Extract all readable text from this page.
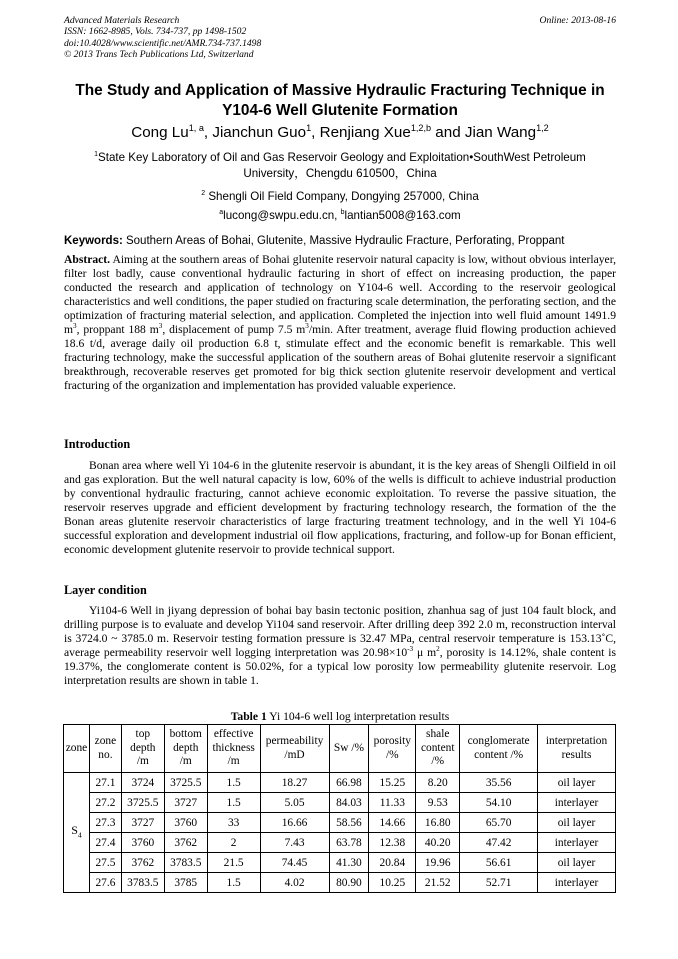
Advanced Materials Research
ISSN: 1662-8985, Vols. 734-737, pp 1498-1502
doi:10.4028/www.scientific.net/AMR.734-737.1498
© 2013 Trans Tech Publications Ltd, Switzerland
Online: 2013-08-16
The Study and Application of Massive Hydraulic Fracturing Technique in Y104-6 Well Glutenite Formation
Cong Lu$^{1, a}$, Jianchun Guo$^1$, Renjiang Xue$^{1,2,b}$ and Jian Wang$^{1,2}$
$^1$State Key Laboratory of Oil and Gas Reservoir Geology and Exploitation•SouthWest Petroleum University，Chengdu 610500，China
$^2$ Shengli Oil Field Company, Dongying 257000, China
$^a$lucong@swpu.edu.cn, $^b$lantian5008@163.com
Keywords: Southern Areas of Bohai, Glutenite, Massive Hydraulic Fracture, Perforating, Proppant
Abstract. Aiming at the southern areas of Bohai glutenite reservoir natural capacity is low, without obvious interlayer, filter lost badly, cause conventional hydraulic facturing in short of effect on increasing production, the paper conducted the research and application of technology on Y104-6 well. According to the reservoir geological characteristics and well conditions, the paper studied on fracturing scale determination, the perforating section, and the optimization of fracturing material selection, and application. Completed the injection into well fluid amount 1491.9 $m^3$, proppant 188 $m^3$, displacement of pump 7.5 $m^3/\min$. After treatment, average fluid flowing production achieved 18.6 t/d, average daily oil production 6.8 t, stimulate effect and the economic benefit is remarkable. This well fracturing technology, make the successful application of the southern areas of Bohai glutenite reservoir a significant breakthrough, recoverable reserves get promoted for big thick section glutenite reservoir development and vertical fracturing of the organization and implementation has provided valuable experience.
Introduction
Bonan area where well Yi 104-6 in the glutenite reservoir is abundant, it is the key areas of Shengli Oilfield in oil and gas exploration. But the well natural capacity is low, 60% of the wells is difficult to achieve industrial production by conventional hydraulic fracturing, cannot achieve economic exploitation. To reverse the passive situation, the reservoir reserves upgrade and efficient development by fracturing technology research, the formation of the the Bonan areas glutenite reservoir characteristics of large fracturing treatment technology, and in the well Yi 104-6 successful exploration and development industrial oil flow applications, fracturing, and follow-up for Bonan efficient, economic development glutenite reservoir to provide technical support.
Layer condition
Yi104-6 Well in jiyang depression of bohai bay basin tectonic position, zhanhua sag of just 104 fault block, and drilling purpose is to evaluate and develop Yi104 sand reservoir. After drilling deep 392 2.0 m, reconstruction interval is 3724.0 ~ 3785.0 m. Reservoir testing formation pressure is 32.47 MPa, central reservoir temperature is 153.13˚C, average permeability reservoir well logging interpretation was $20.98\times 10^{-3}$ μ $m^2$, porosity is 14.12%, shale content is 19.37%, the conglomerate content is 50.02%, for a typical low porosity low permeability glutenite reservoir. Log interpretation results are shown in table 1.
Table 1 Yi 104-6 well log interpretation results
zone	zone no.	top depth /m	bottom depth /m	effective thickness /m	permeability /mD	Sw /%	porosity /%	shale content /%	conglomerate content /%	interpretation results
$S_4$	27.1	3724	3725.5	1.5	18.27	66.98	15.25	8.20	35.56	oil layer
	27.2	3725.5	3727	1.5	5.05	84.03	11.33	9.53	54.10	interlayer
	27.3	3727	3760	33	16.66	58.56	14.66	16.80	65.70	oil layer
	27.4	3760	3762	2	7.43	63.78	12.38	40.20	47.42	interlayer
	27.5	3762	3783.5	21.5	74.45	41.30	20.84	19.96	56.61	oil layer
	27.6	3783.5	3785	1.5	4.02	80.90	10.25	21.52	52.71	interlayer
